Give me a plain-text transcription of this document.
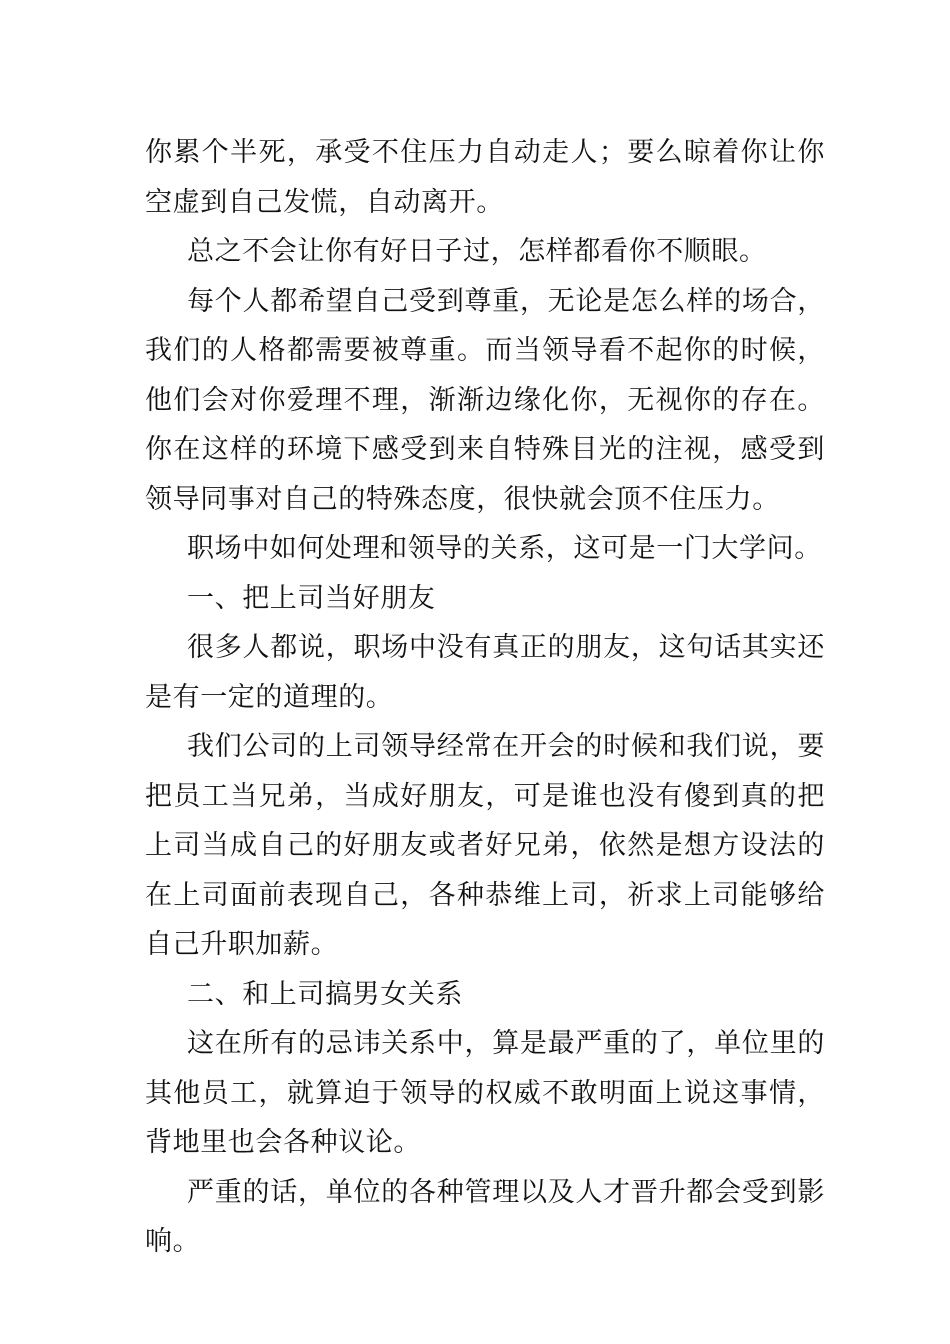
你累个半死，承受不住压力自动走人；要么晾着你让你空虚到自己发慌，自动离开。

总之不会让你有好日子过，怎样都看你不顺眼。

每个人都希望自己受到尊重，无论是怎么样的场合，我们的人格都需要被尊重。而当领导看不起你的时候，他们会对你爱理不理，渐渐边缘化你，无视你的存在。你在这样的环境下感受到来自特殊目光的注视，感受到领导同事对自己的特殊态度，很快就会顶不住压力。

职场中如何处理和领导的关系，这可是一门大学问。

一、把上司当好朋友

很多人都说，职场中没有真正的朋友，这句话其实还是有一定的道理的。

我们公司的上司领导经常在开会的时候和我们说，要把员工当兄弟，当成好朋友，可是谁也没有傻到真的把上司当成自己的好朋友或者好兄弟，依然是想方设法的在上司面前表现自己，各种恭维上司，祈求上司能够给自己升职加薪。

二、和上司搞男女关系

这在所有的忌讳关系中，算是最严重的了，单位里的其他员工，就算迫于领导的权威不敢明面上说这事情，背地里也会各种议论。

严重的话，单位的各种管理以及人才晋升都会受到影响。
